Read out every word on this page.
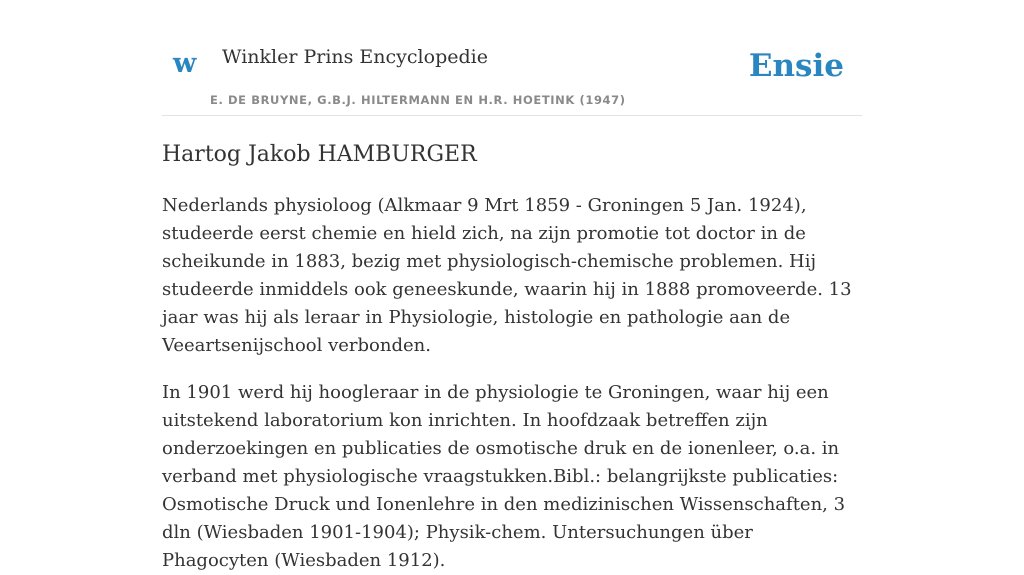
w Winkler Prins Encyclopedie
E. DE BRUYNE, G.B.J. HILTERMANN EN H.R. HOETINK (1947)
Ensie
Hartog Jakob HAMBURGER

Nederlands physioloog (Alkmaar 9 Mrt 1859 - Groningen 5 Jan. 1924), studeerde eerst chemie en hield zich, na zijn promotie tot doctor in de scheikunde in 1883, bezig met physiologisch-chemische problemen. Hij studeerde inmiddels ook geneeskunde, waarin hij in 1888 promoveerde. 13 jaar was hij als leraar in Physiologie, histologie en pathologie aan de Veeartsenijschool verbonden.

In 1901 werd hij hoogleraar in de physiologie te Groningen, waar hij een uitstekend laboratorium kon inrichten. In hoofdzaak betreffen zijn onderzoekingen en publicaties de osmotische druk en de ionenleer, o.a. in verband met physiologische vraagstukken.Bibl.: belangrijkste publicaties: Osmotische Druck und Ionenlehre in den medizinischen Wissenschaften, 3 dln (Wiesbaden 1901-1904); Physik-chem. Untersuchungen über Phagocyten (Wiesbaden 1912).
